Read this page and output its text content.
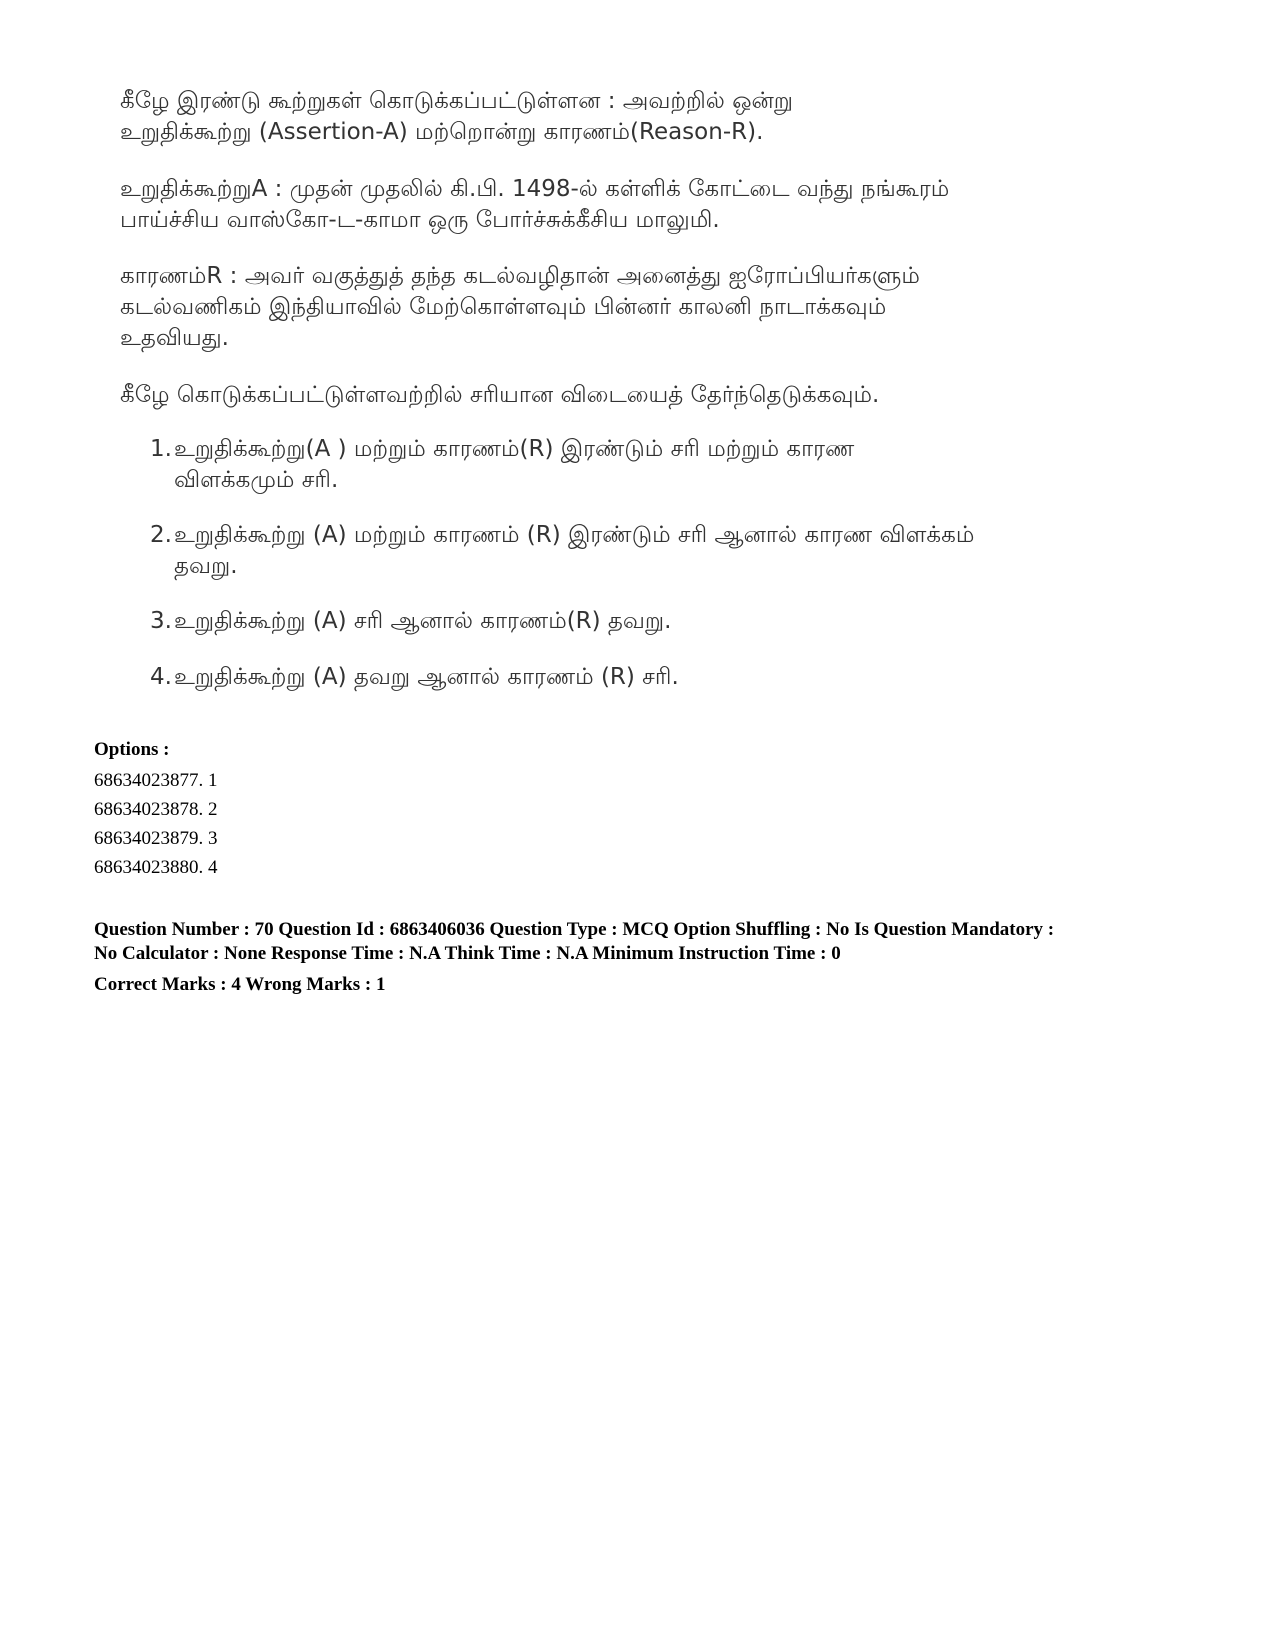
கீழே இரண்டு கூற்றுகள் கொடுக்கப்பட்டுள்ளன : அவற்றில் ஒன்று

உறுதிக்கூற்று (Assertion-A) மற்றொன்று காரணம்(Reason-R).

உறுதிக்கூற்றுA : முதன் முதலில் கி.பி. 1498-ல் கள்ளிக் கோட்டை வந்து நங்கூரம்

பாய்ச்சிய வாஸ்கோ-ட-காமா ஒரு போர்ச்சுக்கீசிய மாலுமி.

காரணம்R : அவர் வகுத்துத் தந்த கடல்வழிதான் அனைத்து ஐரோப்பியர்களும்

கடல்வணிகம் இந்தியாவில் மேற்கொள்ளவும் பின்னர் காலனி நாடாக்கவும்

உதவியது.

கீழே கொடுக்கப்பட்டுள்ளவற்றில் சரியான விடையைத் தேர்ந்தெடுக்கவும்.

1. உறுதிக்கூற்று(A ) மற்றும் காரணம்(R) இரண்டும் சரி மற்றும் காரண
விளக்கமும் சரி.
2. உறுதிக்கூற்று (A) மற்றும் காரணம் (R) இரண்டும் சரி ஆனால் காரண விளக்கம்
தவறு.
3. உறுதிக்கூற்று (A) சரி ஆனால் காரணம்(R) தவறு.
4. உறுதிக்கூற்று (A) தவறு ஆனால் காரணம் (R) சரி.
Options :
68634023877. 1
68634023878. 2
68634023879. 3
68634023880. 4
Question Number : 70 Question Id : 6863406036 Question Type : MCQ Option Shuffling : No Is Question Mandatory :
No Calculator : None Response Time : N.A Think Time : N.A Minimum Instruction Time : 0
Correct Marks : 4 Wrong Marks : 1
